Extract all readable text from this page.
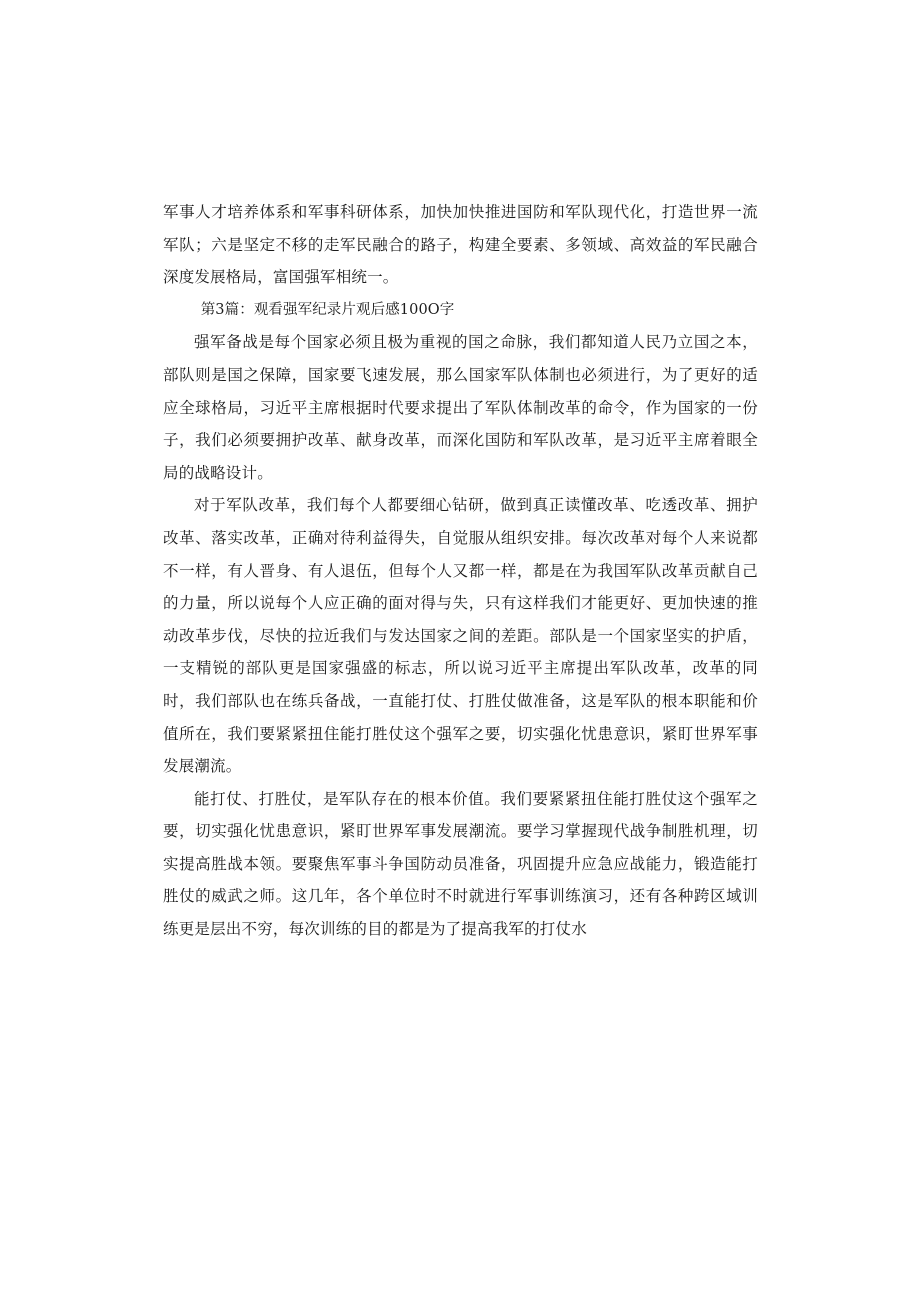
军事人才培养体系和军事科研体系，加快加快推进国防和军队现代化，打造世界一流军队；六是坚定不移的走军民融合的路子，构建全要素、多领域、高效益的军民融合深度发展格局，富国强军相统一。

第3篇：观看强军纪录片观后感100O字

强军备战是每个国家必须且极为重视的国之命脉，我们都知道人民乃立国之本，部队则是国之保障，国家要飞速发展，那么国家军队体制也必须进行，为了更好的适应全球格局，习近平主席根据时代要求提出了军队体制改革的命令，作为国家的一份子，我们必须要拥护改革、献身改革，而深化国防和军队改革，是习近平主席着眼全局的战略设计。

对于军队改革，我们每个人都要细心钻研，做到真正读懂改革、吃透改革、拥护改革、落实改革，正确对待利益得失，自觉服从组织安排。每次改革对每个人来说都不一样，有人晋身、有人退伍，但每个人又都一样，都是在为我国军队改革贡献自己的力量，所以说每个人应正确的面对得与失，只有这样我们才能更好、更加快速的推动改革步伐，尽快的拉近我们与发达国家之间的差距。部队是一个国家坚实的护盾，一支精锐的部队更是国家强盛的标志，所以说习近平主席提出军队改革，改革的同时，我们部队也在练兵备战，一直能打仗、打胜仗做准备，这是军队的根本职能和价值所在，我们要紧紧扭住能打胜仗这个强军之要，切实强化忧患意识，紧盯世界军事发展潮流。

能打仗、打胜仗，是军队存在的根本价值。我们要紧紧扭住能打胜仗这个强军之要，切实强化忧患意识，紧盯世界军事发展潮流。要学习掌握现代战争制胜机理，切实提高胜战本领。要聚焦军事斗争国防动员准备，巩固提升应急应战能力，锻造能打胜仗的威武之师。这几年，各个单位时不时就进行军事训练演习，还有各种跨区域训练更是层出不穷，每次训练的目的都是为了提高我军的打仗水
